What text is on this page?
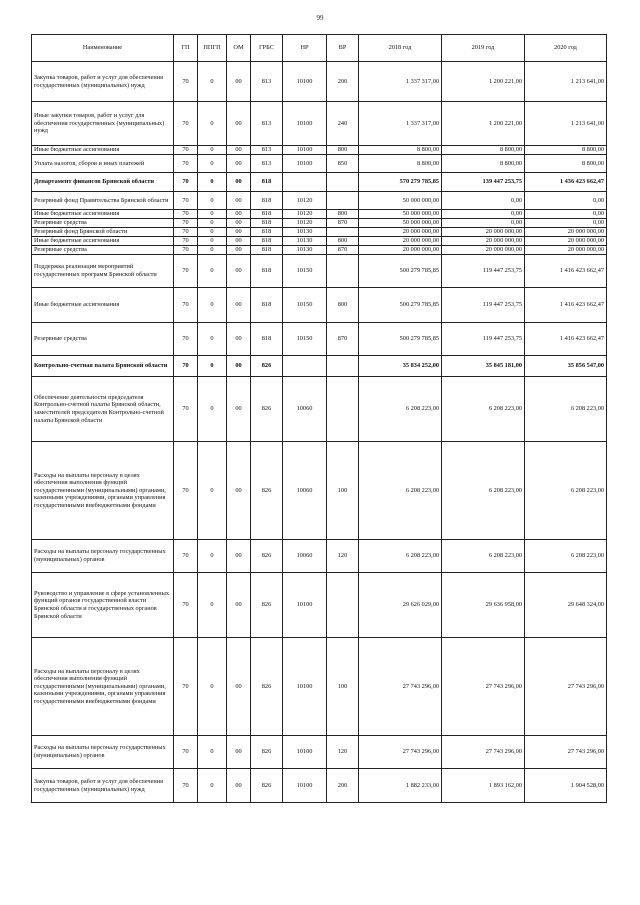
99
Наименование	ГП	ППГП	ОМ	ГРБС	НР	ВР	2018 год	2019 год	2020 год
Закупка товаров, работ и услуг для обеспечения государственных (муниципальных) нужд	70	0	00	813	10100	200	1 337 317,00	1 200 221,00	1 213 641,00
Иные закупки товаров, работ и услуг для обеспечения государственных (муниципальных) нужд	70	0	00	813	10100	240	1 337 317,00	1 200 221,00	1 213 641,00
Иные бюджетные ассигнования	70	0	00	813	10100	800	8 800,00	8 800,00	8 800,00
Уплата налогов, сборов и иных платежей	70	0	00	813	10100	850	8 800,00	8 800,00	8 800,00
Департамент финансов Брянской области	70	0	00	818			570 279 785,85	139 447 253,75	1 436 423 662,47
Резервный фонд Правительства Брянской области	70	0	00	818	10120		50 000 000,00	0,00	0,00
Иные бюджетные ассигнования	70	0	00	818	10120	800	50 000 000,00	0,00	0,00
Резервные средства	70	0	00	818	10120	870	50 000 000,00	0,00	0,00
Резервный фонд Брянской области	70	0	00	818	10130		20 000 000,00	20 000 000,00	20 000 000,00
Иные бюджетные ассигнования	70	0	00	818	10130	800	20 000 000,00	20 000 000,00	20 000 000,00
Резервные средства	70	0	00	818	10130	870	20 000 000,00	20 000 000,00	20 000 000,00
Поддержка реализации мероприятий государственных программ Брянской области	70	0	00	818	10150		500 279 785,85	119 447 253,75	1 416 423 662,47
Иные бюджетные ассигнования	70	0	00	818	10150	800	500 279 785,85	119 447 253,75	1 416 423 662,47
Резервные средства	70	0	00	818	10150	870	500 279 785,85	119 447 253,75	1 416 423 662,47
Контрольно-счетная палата Брянской области	70	0	00	826			35 834 252,00	35 845 181,00	35 856 547,00
Обеспечение деятельности председателя Контрольно-счетной палаты Брянской области, заместителей председателя Контрольно-счетной палаты Брянской области	70	0	00	826	10060		6 208 223,00	6 208 223,00	6 208 223,00
Расходы на выплаты персоналу в целях обеспечения выполнения функций государственными (муниципальными) органами, казенными учреждениями, органами управления государственными внебюджетными фондами	70	0	00	826	10060	100	6 208 223,00	6 208 223,00	6 208 223,00
Расходы на выплаты персоналу государственных (муниципальных) органов	70	0	00	826	10060	120	6 208 223,00	6 208 223,00	6 208 223,00
Руководство и управление в сфере установленных функций органов государственной власти Брянской области и государственных органов Брянской области	70	0	00	826	10100		29 626 029,00	29 636 958,00	29 648 324,00
Расходы на выплаты персоналу в целях обеспечения выполнения функций государственными (муниципальными) органами, казенными учреждениями, органами управления государственными внебюджетными фондами	70	0	00	826	10100	100	27 743 296,00	27 743 296,00	27 743 296,00
Расходы на выплаты персоналу государственных (муниципальных) органов	70	0	00	826	10100	120	27 743 296,00	27 743 296,00	27 743 296,00
Закупка товаров, работ и услуг для обеспечения государственных (муниципальных) нужд	70	0	00	826	10100	200	1 882 233,00	1 893 162,00	1 904 528,00
